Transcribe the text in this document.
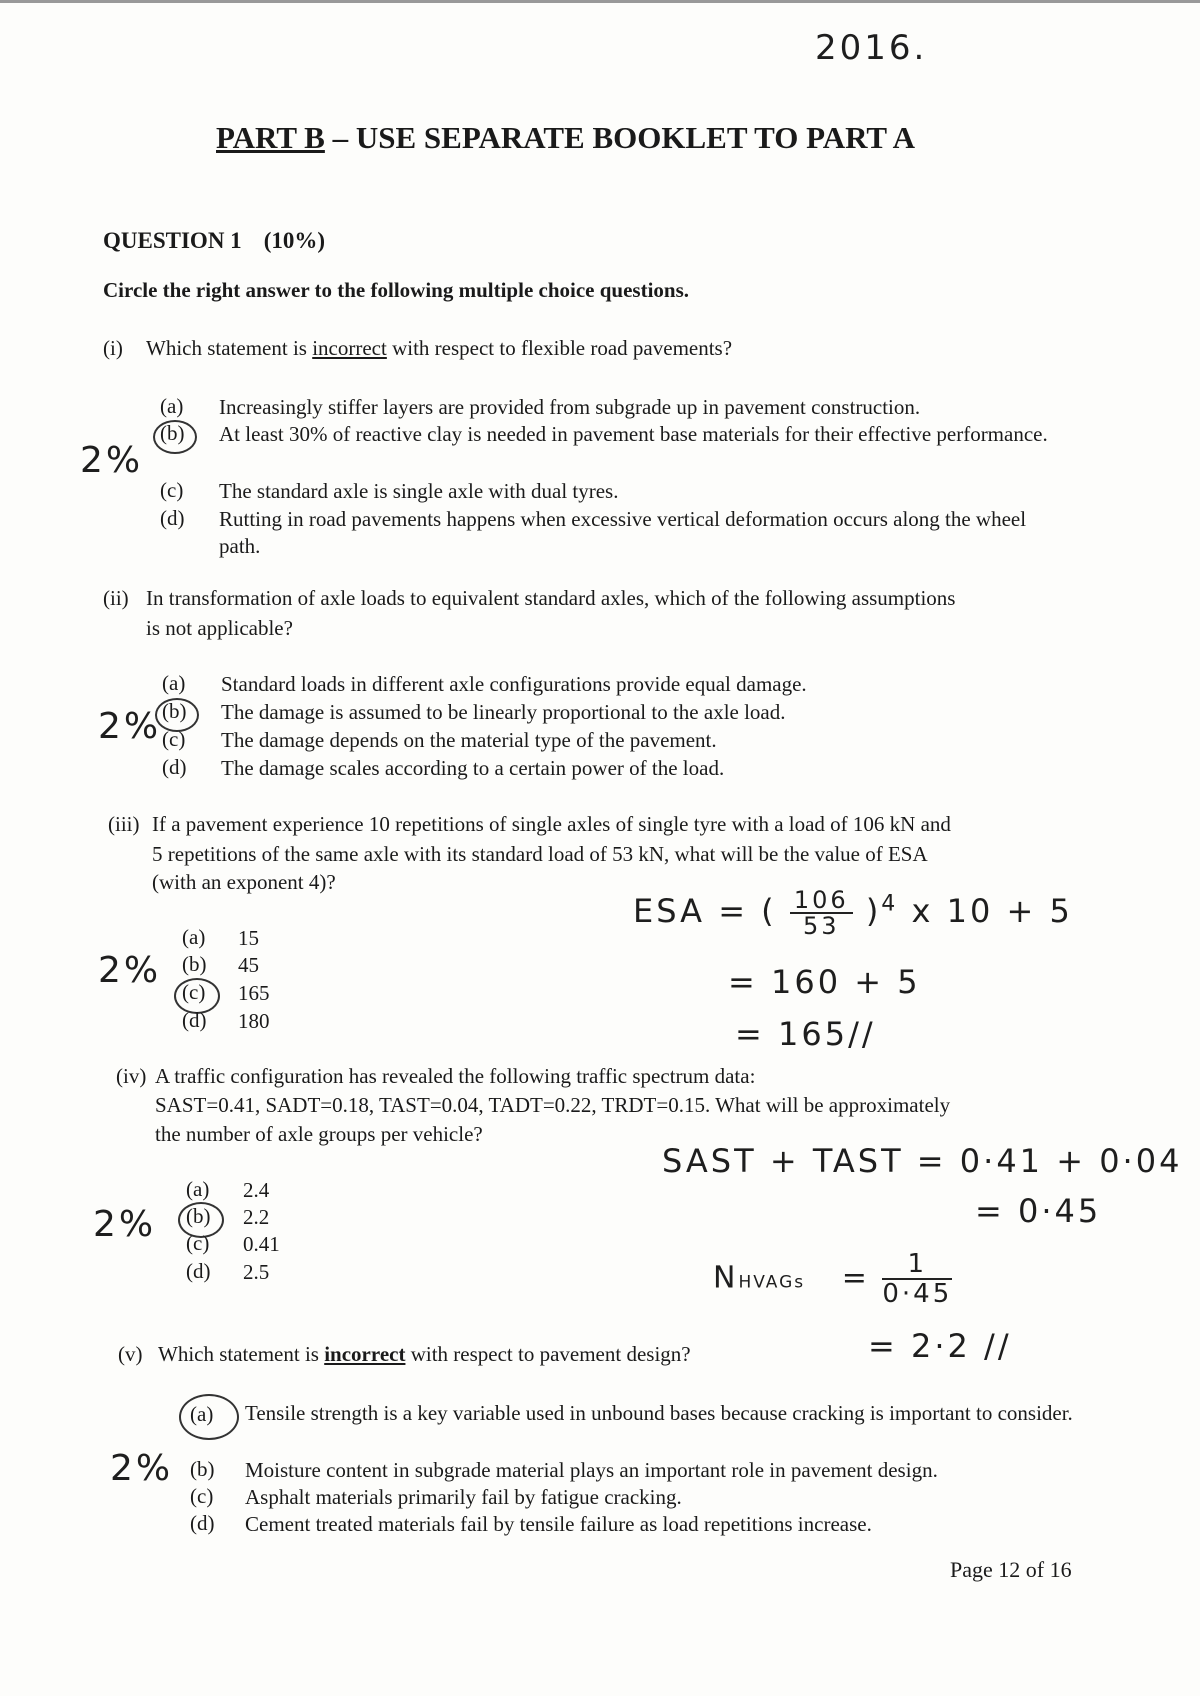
2016.
PART B – USE SEPARATE BOOKLET TO PART A
QUESTION 1 (10%)
Circle the right answer to the following multiple choice questions.
(i) Which statement is incorrect with respect to flexible road pavements?
(a) Increasingly stiffer layers are provided from subgrade up in pavement construction.
(b) At least 30% of reactive clay is needed in pavement base materials for their effective performance.
(c) The standard axle is single axle with dual tyres.
(d) Rutting in road pavements happens when excessive vertical deformation occurs along the wheel path.
2%
(ii) In transformation of axle loads to equivalent standard axles, which of the following assumptions
is not applicable?
(a) Standard loads in different axle configurations provide equal damage.
(b) The damage is assumed to be linearly proportional to the axle load.
(c) The damage depends on the material type of the pavement.
(d) The damage scales according to a certain power of the load.
2%
(iii) If a pavement experience 10 repetitions of single axles of single tyre with a load of 106 kN and
5 repetitions of the same axle with its standard load of 53 kN, what will be the value of ESA
(with an exponent 4)?
(a) 15
(b) 45
(c) 165
(d) 180
2%
ESA = ( $\frac{106}{53} )^4$ x 10 + 5
= 160 + 5
= 165//
(iv) A traffic configuration has revealed the following traffic spectrum data:
SAST=0.41, SADT=0.18, TAST=0.04, TADT=0.22, TRDT=0.15. What will be approximately
the number of axle groups per vehicle?
(a) 2.4
(b) 2.2
(c) 0.41
(d) 2.5
2%
SAST + TAST = 0·41 + 0·04
= 0·45
NHVAGs = $\frac{1}{0\cdot 45}$
= 2·2 //
(v) Which statement is incorrect with respect to pavement design?
(a) Tensile strength is a key variable used in unbound bases because cracking is important to consider.
(b) Moisture content in subgrade material plays an important role in pavement design.
(c) Asphalt materials primarily fail by fatigue cracking.
(d) Cement treated materials fail by tensile failure as load repetitions increase.
2%
Page 12 of 16
